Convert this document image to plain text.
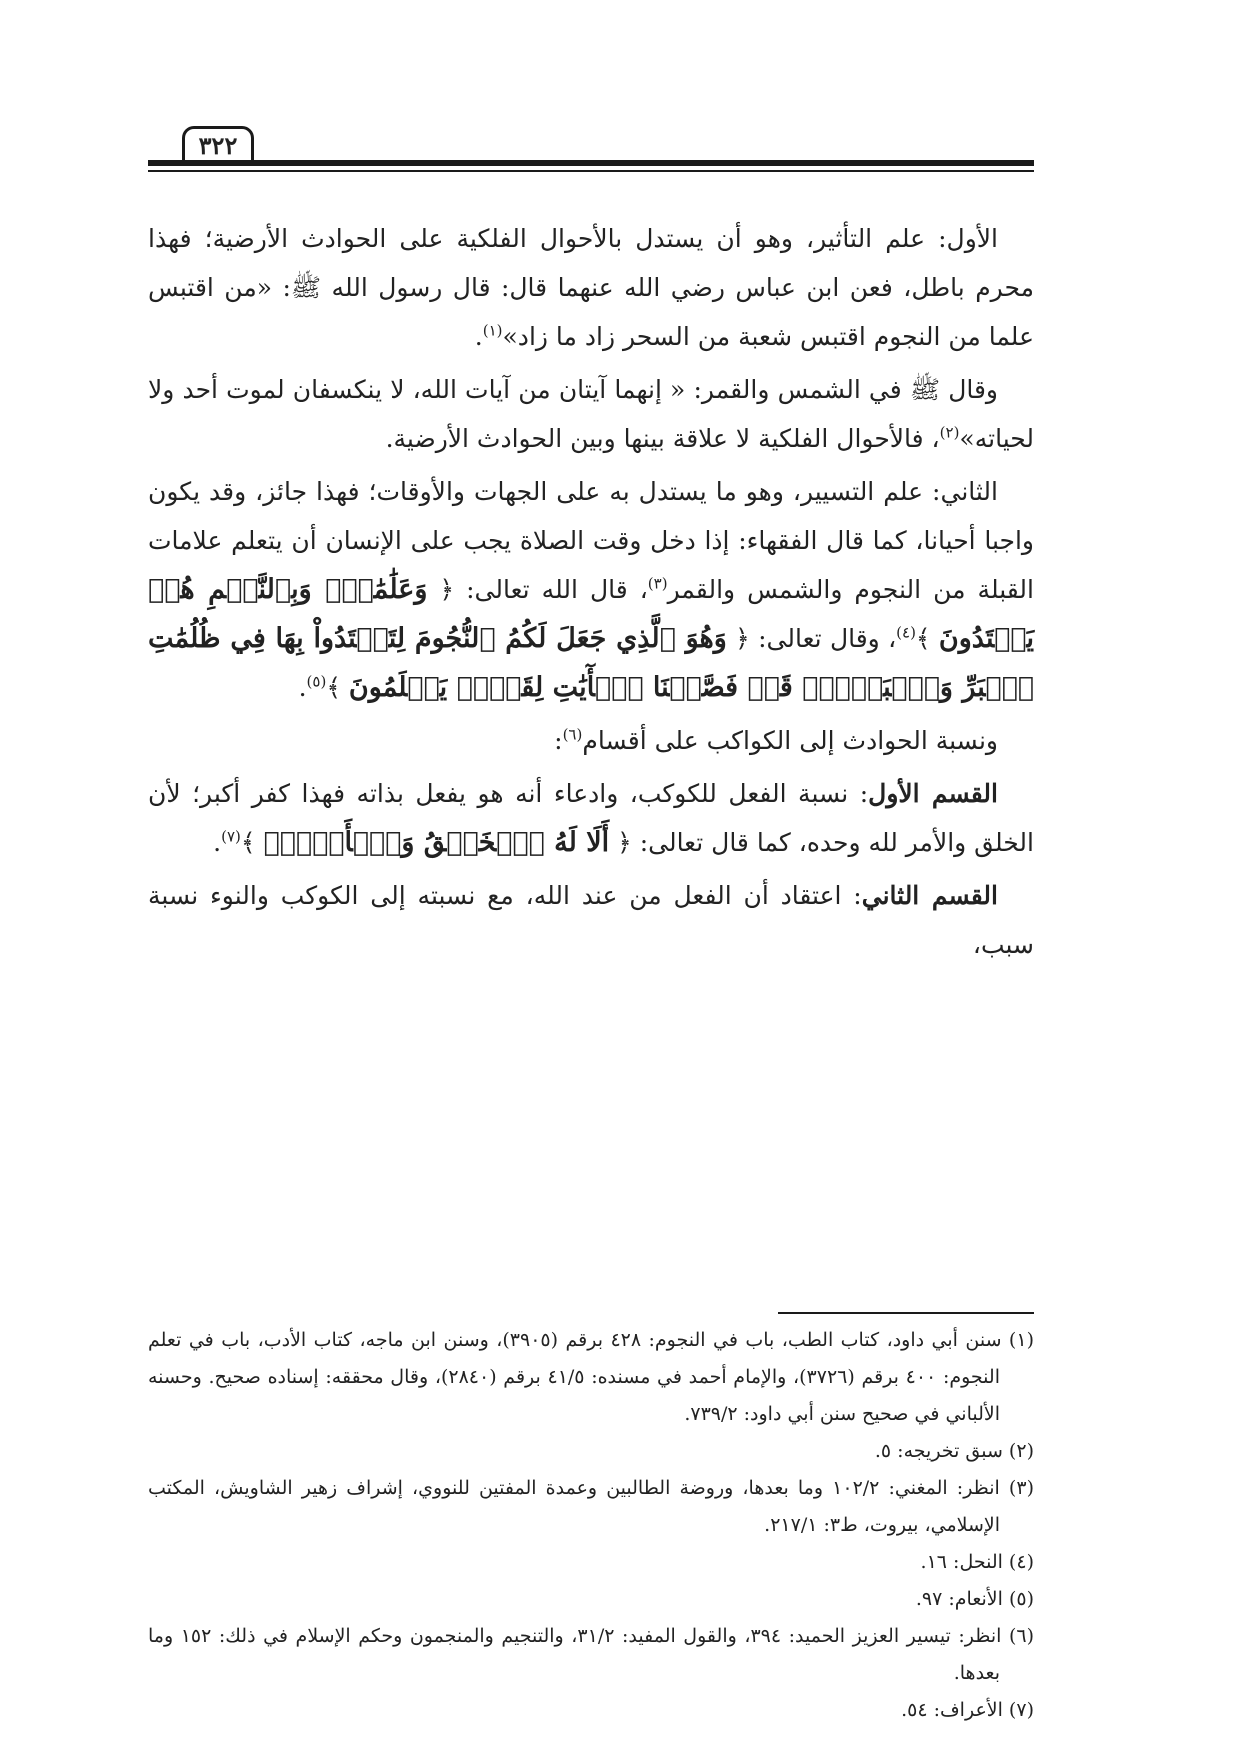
٣٢٢

الأول: علم التأثير، وهو أن يستدل بالأحوال الفلكية على الحوادث الأرضية؛ فهذا محرم باطل، فعن ابن عباس رضي الله عنهما قال: قال رسول الله ﷺ: «من اقتبس علما من النجوم اقتبس شعبة من السحر زاد ما زاد»$^{(١)}$.

وقال ﷺ في الشمس والقمر: « إنهما آيتان من آيات الله، لا ينكسفان لموت أحد ولا لحياته»$^{(٢)}$، فالأحوال الفلكية لا علاقة بينها وبين الحوادث الأرضية.

الثاني: علم التسيير، وهو ما يستدل به على الجهات والأوقات؛ فهذا جائز، وقد يكون واجبا أحيانا، كما قال الفقهاء: إذا دخل وقت الصلاة يجب على الإنسان أن يتعلم علامات القبلة من النجوم والشمس والقمر$^{(٣)}$، قال الله تعالى: ﴿ وَعَلَٰمَٰتٍۚ وَبِٱلنَّجۡمِ هُمۡ يَهۡتَدُونَ ﴾$^{(٤)}$، وقال تعالى: ﴿ وَهُوَ ٱلَّذِي جَعَلَ لَكُمُ ٱلنُّجُومَ لِتَهۡتَدُواْ بِهَا فِي ظُلُمَٰتِ ٱلۡبَرِّ وَٱلۡبَحۡرِۗ قَدۡ فَصَّلۡنَا ٱلۡأٓيَٰتِ لِقَوۡمٖ يَعۡلَمُونَ ﴾$^{(٥)}$.

ونسبة الحوادث إلى الكواكب على أقسام$^{(٦)}$:

القسم الأول: نسبة الفعل للكوكب، وادعاء أنه هو يفعل بذاته فهذا كفر أكبر؛ لأن الخلق والأمر لله وحده، كما قال تعالى: ﴿ أَلَا لَهُ ٱلۡخَلۡقُ وَٱلۡأَمۡرُۗ ﴾$^{(٧)}$.

القسم الثاني: اعتقاد أن الفعل من عند الله، مع نسبته إلى الكوكب والنوء نسبة سبب،

(١) سنن أبي داود، كتاب الطب، باب في النجوم: ٤٢٨ برقم (٣٩٠٥)، وسنن ابن ماجه، كتاب الأدب، باب في تعلم النجوم: ٤٠٠ برقم (٣٧٢٦)، والإمام أحمد في مسنده: ٤١/٥ برقم (٢٨٤٠)، وقال محققه: إسناده صحيح. وحسنه الألباني في صحيح سنن أبي داود: ٧٣٩/٢.

(٢) سبق تخريجه: ٥.

(٣) انظر: المغني: ١٠٢/٢ وما بعدها، وروضة الطالبين وعمدة المفتين للنووي، إشراف زهير الشاويش، المكتب الإسلامي، بيروت، ط٣: ٢١٧/١.

(٤) النحل: ١٦.

(٥) الأنعام: ٩٧.

(٦) انظر: تيسير العزيز الحميد: ٣٩٤، والقول المفيد: ٣١/٢، والتنجيم والمنجمون وحكم الإسلام في ذلك: ١٥٢ وما بعدها.

(٧) الأعراف: ٥٤.
